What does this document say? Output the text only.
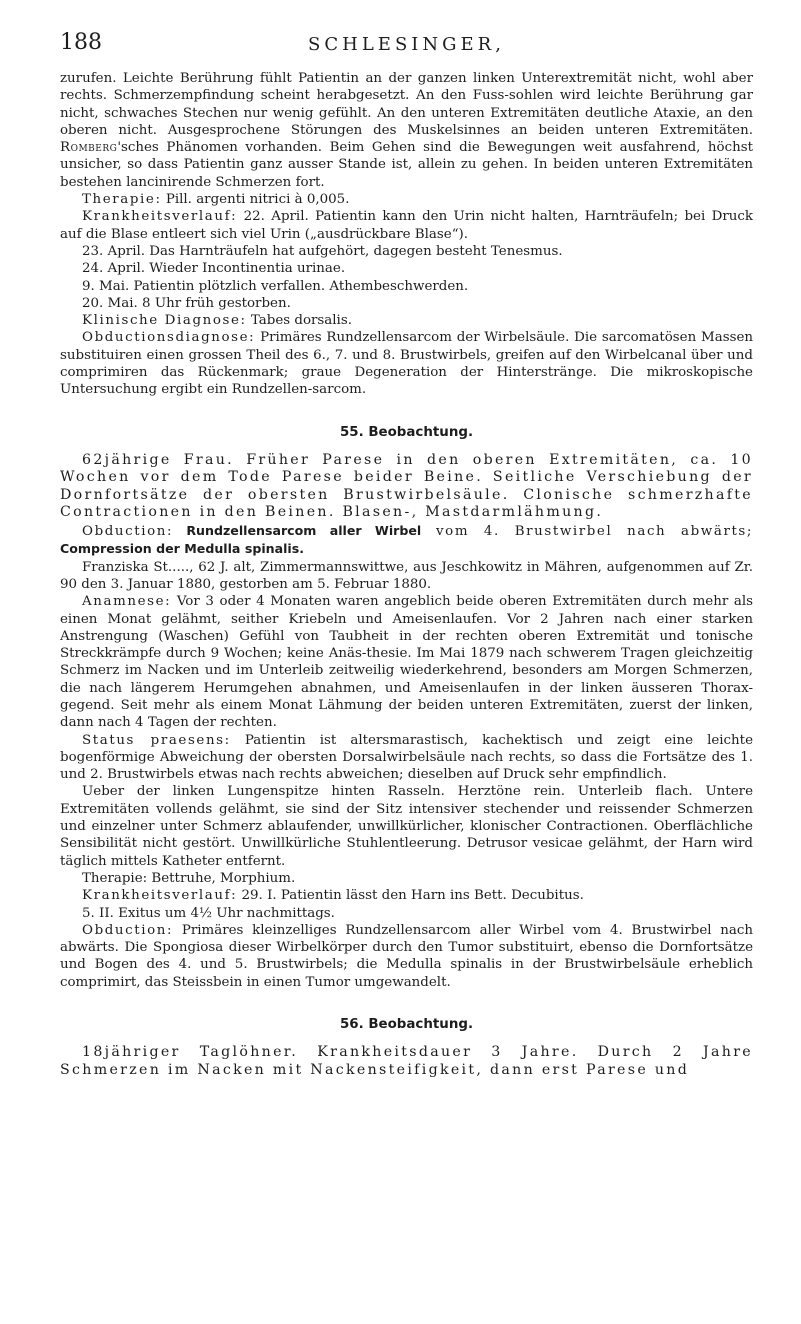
188	SCHLESINGER,

zurufen. Leichte Berührung fühlt Patientin an der ganzen linken Unterextremität nicht, wohl aber rechts. Schmerzempfindung scheint herabgesetzt. An den Fuss-sohlen wird leichte Berührung gar nicht, schwaches Stechen nur wenig gefühlt. An den unteren Extremitäten deutliche Ataxie, an den oberen nicht. Ausgesprochene Störungen des Muskelsinnes an beiden unteren Extremitäten. Romberg'sches Phänomen vorhanden. Beim Gehen sind die Bewegungen weit ausfahrend, höchst unsicher, so dass Patientin ganz ausser Stande ist, allein zu gehen. In beiden unteren Extremitäten bestehen lancinirende Schmerzen fort.

Therapie: Pill. argenti nitrici à 0,005.

Krankheitsverlauf: 22. April. Patientin kann den Urin nicht halten, Harnträufeln; bei Druck auf die Blase entleert sich viel Urin („ausdrückbare Blase“).

23. April. Das Harnträufeln hat aufgehört, dagegen besteht Tenesmus.

24. April. Wieder Incontinentia urinae.

9. Mai. Patientin plötzlich verfallen. Athembeschwerden.

20. Mai. 8 Uhr früh gestorben.

Klinische Diagnose: Tabes dorsalis.

Obductionsdiagnose: Primäres Rundzellensarcom der Wirbelsäule. Die sarcomatösen Massen substituiren einen grossen Theil des 6., 7. und 8. Brustwirbels, greifen auf den Wirbelcanal über und comprimiren das Rückenmark; graue Degeneration der Hinterstränge. Die mikroskopische Untersuchung ergibt ein Rundzellen-sarcom.

55. Beobachtung.

62jährige Frau. Früher Parese in den oberen Extremitäten, ca. 10 Wochen vor dem Tode Parese beider Beine. Seitliche Verschiebung der Dornfortsätze der obersten Brustwirbelsäule. Clonische schmerzhafte Contractionen in den Beinen. Blasen-, Mastdarmlähmung.

Obduction: Rundzellensarcom aller Wirbel vom 4. Brustwirbel nach abwärts; Compression der Medulla spinalis.

Franziska St....., 62 J. alt, Zimmermannswittwe, aus Jeschkowitz in Mähren, aufgenommen auf Zr. 90 den 3. Januar 1880, gestorben am 5. Februar 1880.

Anamnese: Vor 3 oder 4 Monaten waren angeblich beide oberen Extremitäten durch mehr als einen Monat gelähmt, seither Kriebeln und Ameisenlaufen. Vor 2 Jahren nach einer starken Anstrengung (Waschen) Gefühl von Taubheit in der rechten oberen Extremität und tonische Streckkrämpfe durch 9 Wochen; keine Anäs-thesie. Im Mai 1879 nach schwerem Tragen gleichzeitig Schmerz im Nacken und im Unterleib zeitweilig wiederkehrend, besonders am Morgen Schmerzen, die nach längerem Herumgehen abnahmen, und Ameisenlaufen in der linken äusseren Thorax-gegend. Seit mehr als einem Monat Lähmung der beiden unteren Extremitäten, zuerst der linken, dann nach 4 Tagen der rechten.

Status praesens: Patientin ist altersmarastisch, kachektisch und zeigt eine leichte bogenförmige Abweichung der obersten Dorsalwirbelsäule nach rechts, so dass die Fortsätze des 1. und 2. Brustwirbels etwas nach rechts abweichen; dieselben auf Druck sehr empfindlich.

Ueber der linken Lungenspitze hinten Rasseln. Herztöne rein. Unterleib flach. Untere Extremitäten vollends gelähmt, sie sind der Sitz intensiver stechender und reissender Schmerzen und einzelner unter Schmerz ablaufender, unwillkürlicher, klonischer Contractionen. Oberflächliche Sensibilität nicht gestört. Unwillkürliche Stuhlentleerung. Detrusor vesicae gelähmt, der Harn wird täglich mittels Katheter entfernt.

Therapie: Bettruhe, Morphium.

Krankheitsverlauf: 29. I. Patientin lässt den Harn ins Bett. Decubitus.

5. II. Exitus um 4½ Uhr nachmittags.

Obduction: Primäres kleinzelliges Rundzellensarcom aller Wirbel vom 4. Brustwirbel nach abwärts. Die Spongiosa dieser Wirbelkörper durch den Tumor substituirt, ebenso die Dornfortsätze und Bogen des 4. und 5. Brustwirbels; die Medulla spinalis in der Brustwirbelsäule erheblich comprimirt, das Steissbein in einen Tumor umgewandelt.

56. Beobachtung.

18jähriger Taglöhner. Krankheitsdauer 3 Jahre. Durch 2 Jahre Schmerzen im Nacken mit Nackensteifigkeit, dann erst Parese und
